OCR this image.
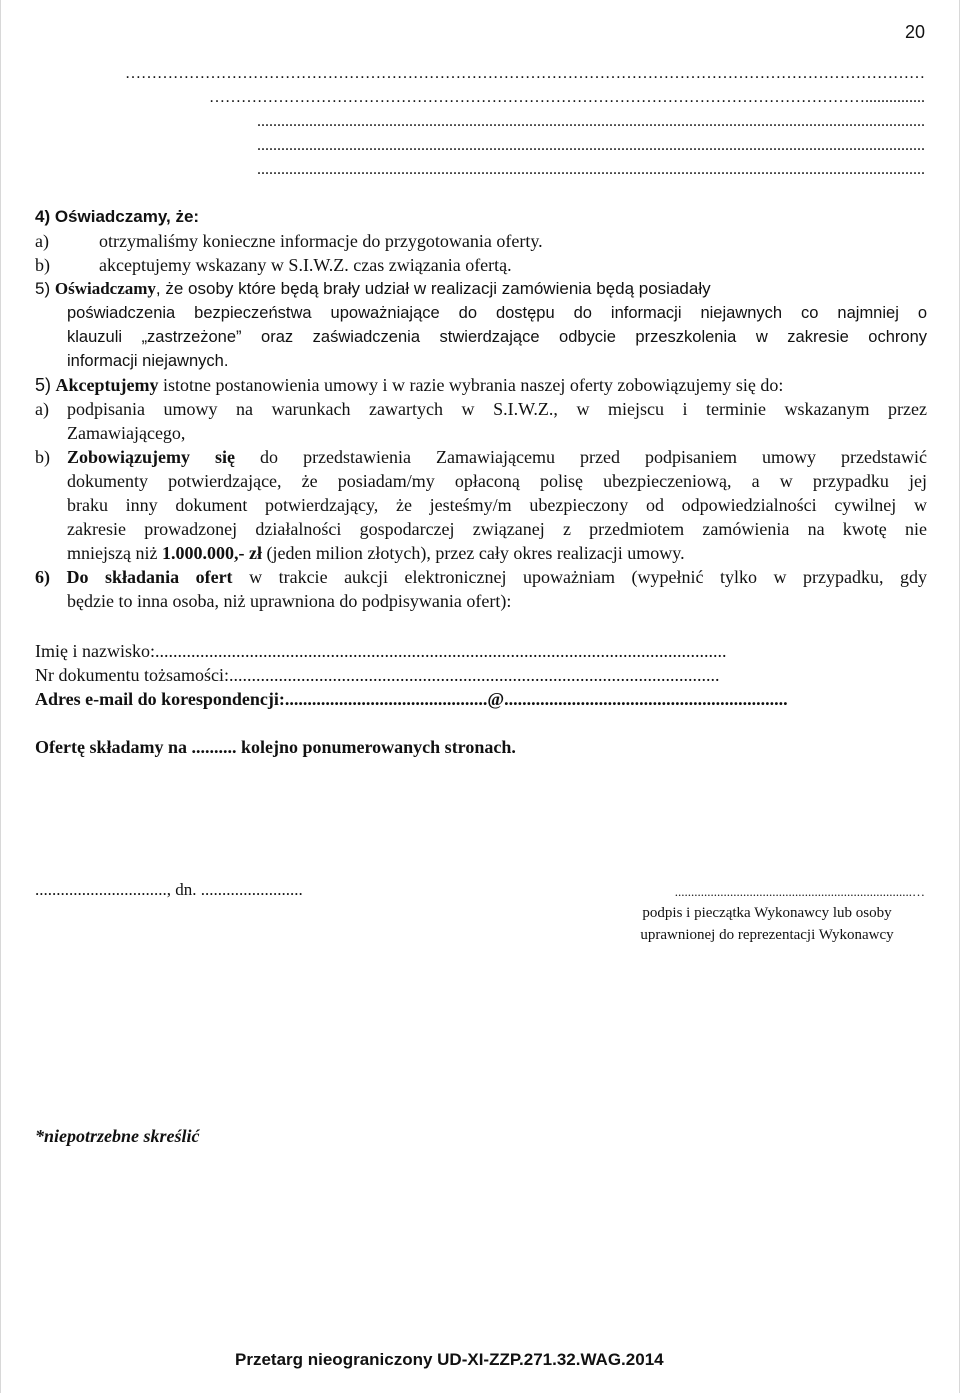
20
……………………………………………………………………………………………………………………………………
……………………………………………………………………………………………………………...............
.......................................................................................................................................................................
.......................................................................................................................................................................
.......................................................................................................................................................................
4) Oświadczamy, że:
a)	otrzymaliśmy konieczne informacje do przygotowania oferty.
b)	akceptujemy wskazany w S.I.W.Z. czas związania ofertą.
5) Oświadczamy, że osoby które będą brały udział w realizacji zamówienia będą posiadały
poświadczenia bezpieczeństwa upoważniające do dostępu do informacji niejawnych co najmniej o
klauzuli „zastrzeżone” oraz zaświadczenia stwierdzające odbycie przeszkolenia w zakresie ochrony
informacji niejawnych.
5) Akceptujemy istotne postanowienia umowy i w razie wybrania naszej oferty zobowiązujemy się do:
a) podpisania umowy na warunkach zawartych w S.I.W.Z., w miejscu i terminie wskazanym przez
Zamawiającego,
b) Zobowiązujemy się do przedstawienia Zamawiającemu przed podpisaniem umowy przedstawić
dokumenty potwierdzające, że posiadam/my opłaconą polisę ubezpieczeniową, a w przypadku jej
braku inny dokument potwierdzający, że jesteśmy/m ubezpieczony od odpowiedzialności cywilnej w
zakresie prowadzonej działalności gospodarczej związanej z przedmiotem zamówienia na kwotę nie
mniejszą niż 1.000.000,- zł (jeden milion złotych), przez cały okres realizacji umowy.
6) Do składania ofert w trakcie aukcji elektronicznej upoważniam (wypełnić tylko w przypadku, gdy
będzie to inna osoba, niż uprawniona do podpisywania ofert):
Imię i nazwisko:...............................................................................................................................
Nr dokumentu tożsamości:.............................................................................................................
Adres e-mail do korespondencji:.............................................@...............................................................
Ofertę składamy na .......... kolejno ponumerowanych stronach.
..............................., dn. ........................	.........................................................................…
podpis i pieczątka Wykonawcy lub osoby
uprawnionej do reprezentacji Wykonawcy
*niepotrzebne skreślić
Przetarg nieograniczony UD-XI-ZZP.271.32.WAG.2014
